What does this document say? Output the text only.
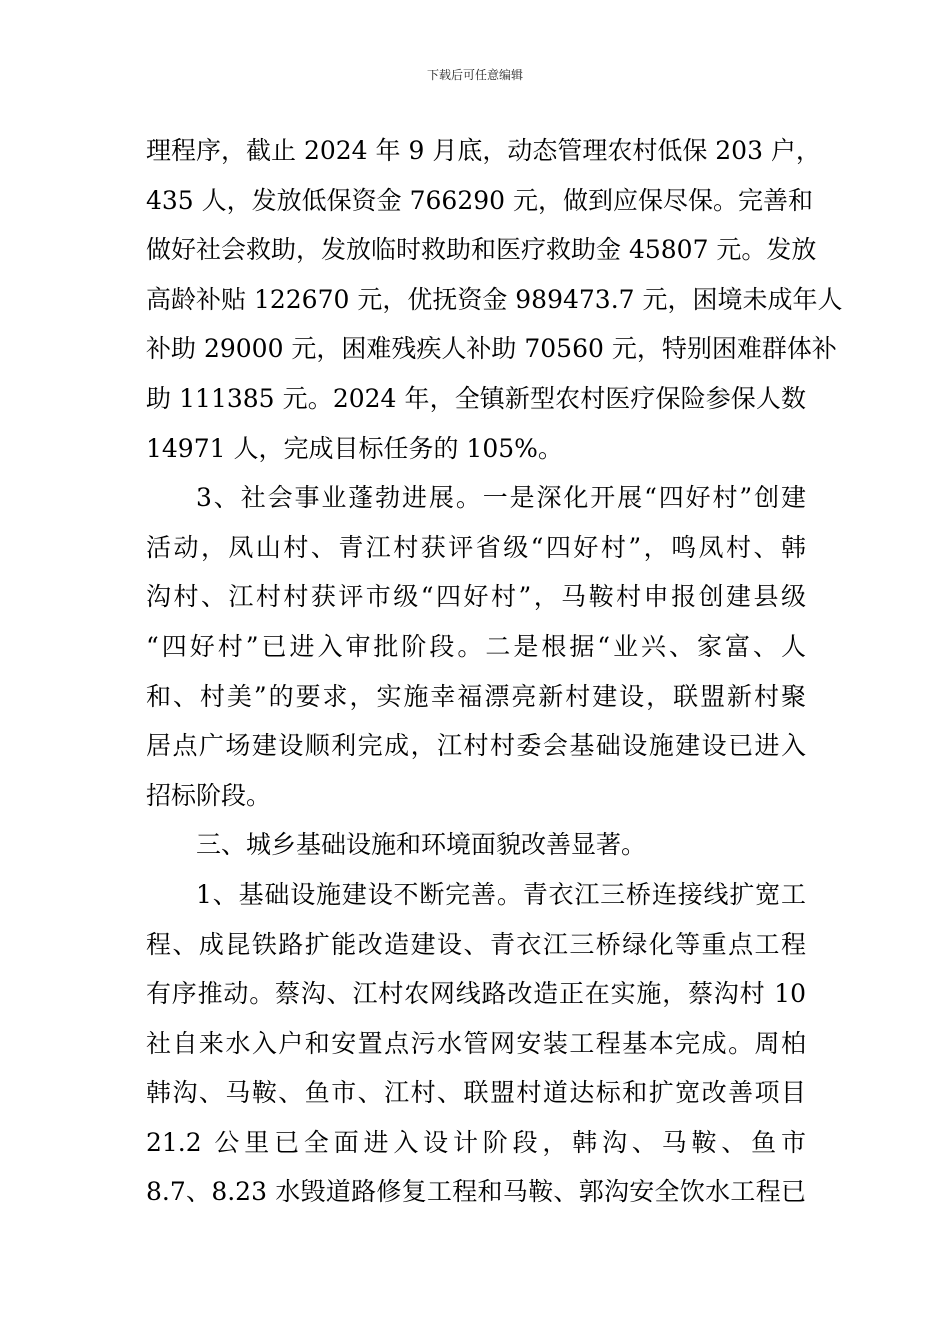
下载后可任意编辑
理程序，截止 2024 年 9 月底，动态管理农村低保 203 户，
435 人，发放低保资金 766290 元，做到应保尽保。完善和
做好社会救助，发放临时救助和医疗救助金 45807 元。发放
高龄补贴 122670 元，优抚资金 989473.7 元，困境未成年人
补助 29000 元，困难残疾人补助 70560 元，特别困难群体补
助 111385 元。2024 年，全镇新型农村医疗保险参保人数
14971 人，完成目标任务的 105%。
3、社会事业蓬勃进展。一是深化开展“四好村”创建
活动，凤山村、青江村获评省级“四好村”，鸣凤村、韩
沟村、江村村获评市级“四好村”，马鞍村申报创建县级
“四好村”已进入审批阶段。二是根据“业兴、家富、人
和、村美”的要求，实施幸福漂亮新村建设，联盟新村聚
居点广场建设顺利完成，江村村委会基础设施建设已进入
招标阶段。
三、城乡基础设施和环境面貌改善显著。
1、基础设施建设不断完善。青衣江三桥连接线扩宽工
程、成昆铁路扩能改造建设、青衣江三桥绿化等重点工程
有序推动。蔡沟、江村农网线路改造正在实施，蔡沟村 10
社自来水入户和安置点污水管网安装工程基本完成。周柏
韩沟、马鞍、鱼市、江村、联盟村道达标和扩宽改善项目
21.2 公里已全面进入设计阶段，韩沟、马鞍、鱼市
8.7、8.23 水毁道路修复工程和马鞍、郭沟安全饮水工程已
